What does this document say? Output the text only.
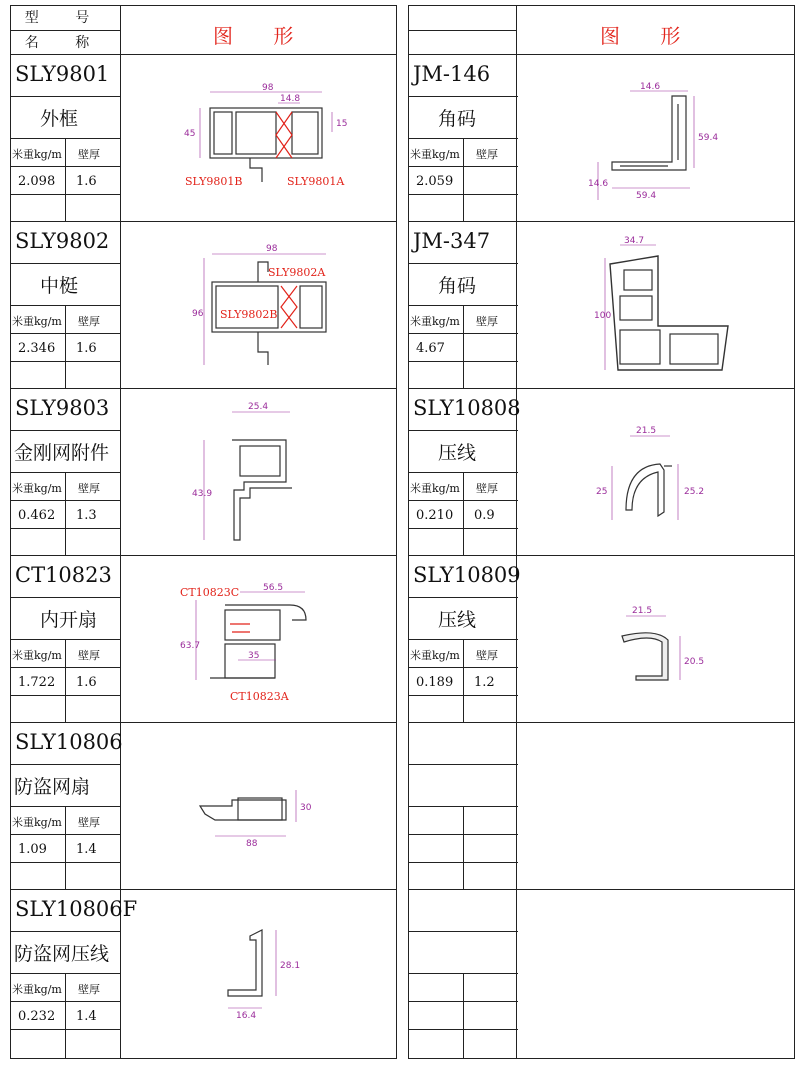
型 号
名 称	图 形	图 形
SLY9801
外框
米重kg/m 壁厚
2.098 1.6
SLY9802
中梃
米重kg/m 壁厚
2.346 1.6
SLY9803
金刚网附件
米重kg/m 壁厚
0.462 1.3
CT10823
内开扇
米重kg/m 壁厚
1.722 1.6
SLY10806
防盗网扇
米重kg/m 壁厚
1.09 1.4
SLY10806F
防盗网压线
米重kg/m 壁厚
0.232 1.4
JM-146
角码
米重kg/m 壁厚
2.059
JM-347
角码
米重kg/m 壁厚
4.67
SLY10808
压线
米重kg/m 壁厚
0.210 0.9
SLY10809
压线
米重kg/m 壁厚
0.189 1.2
98
14.8
45
15
SLY9801B	SLY9801A
98
96
SLY9802A
SLY9802B
25.4
43.9
CT10823C	56.5
63.7
35
CT10823A
30
88
28.1
16.4
14.6
59.4
14.6
59.4
34.7
100
21.5
25	25.2
21.5
20.5
